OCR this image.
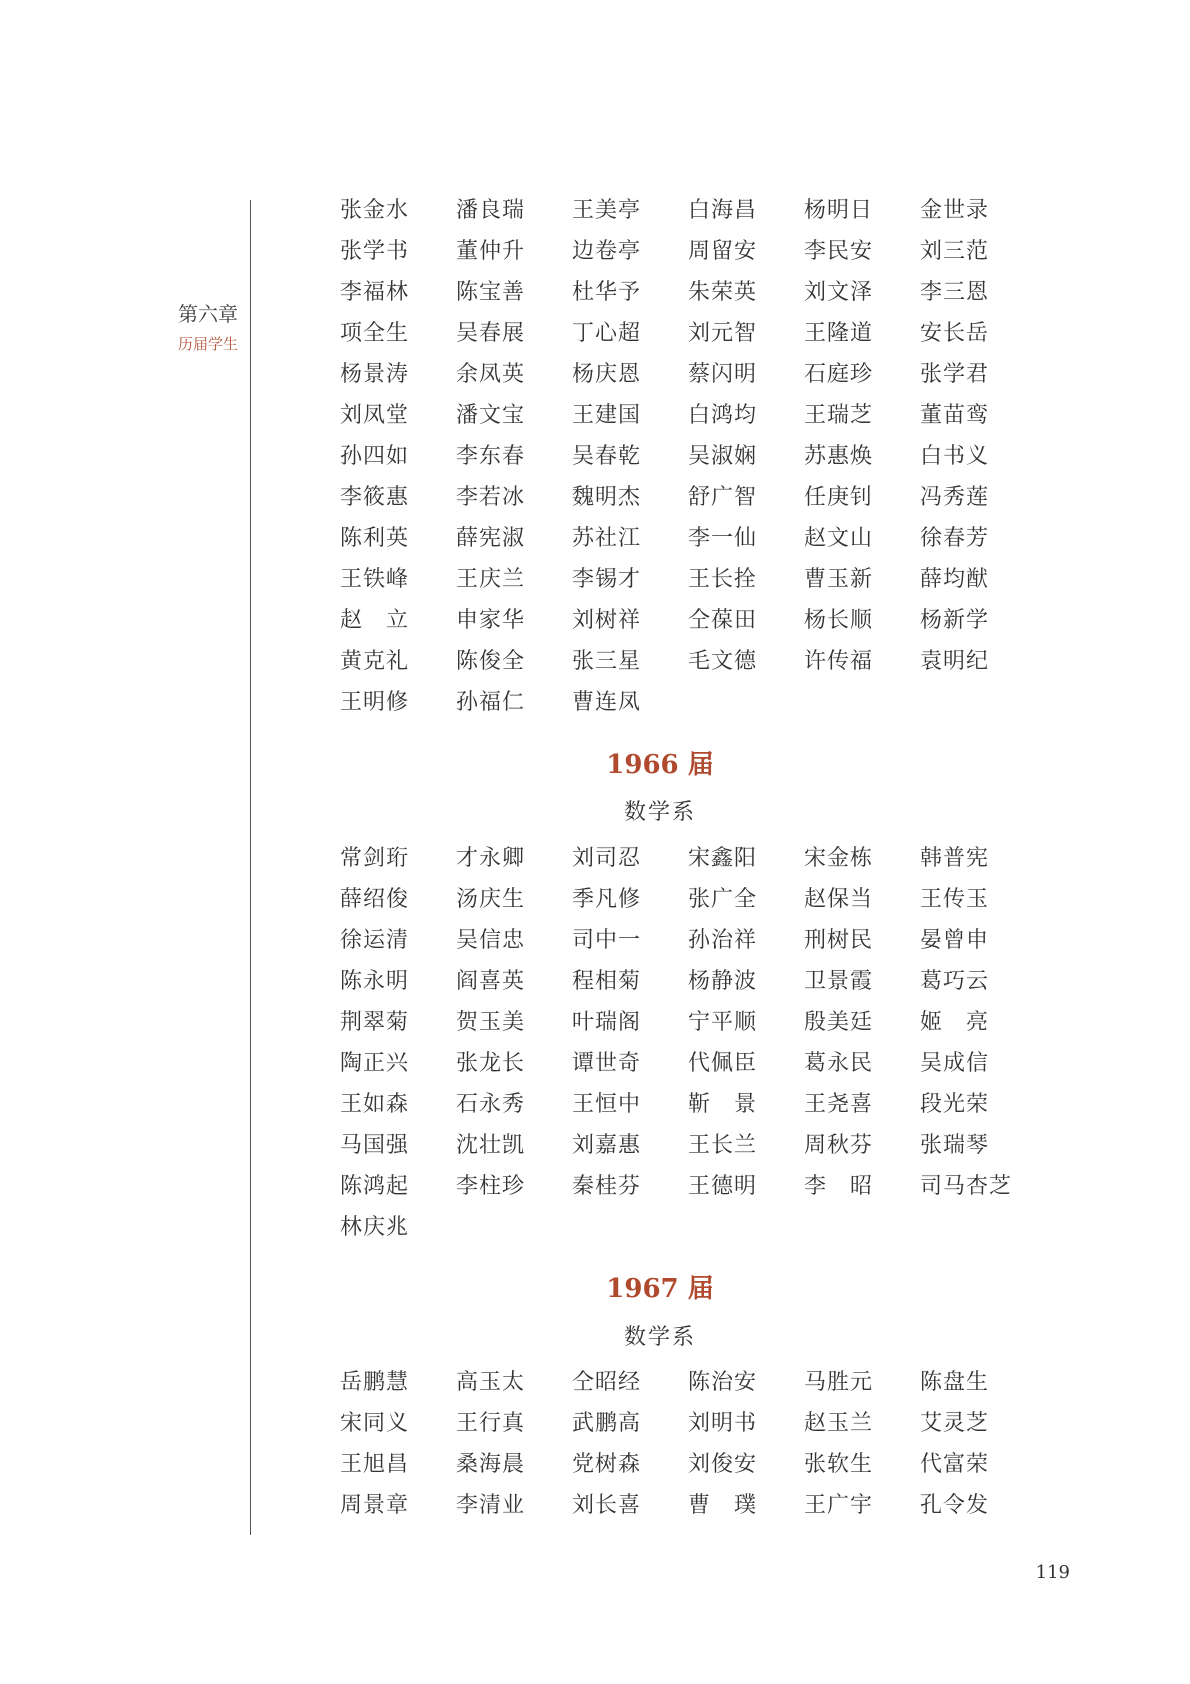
第六章
历届学生
张金水	潘良瑞	王美亭	白海昌	杨明日	金世录
张学书	董仲升	边卷亭	周留安	李民安	刘三范
李福林	陈宝善	杜华予	朱荣英	刘文泽	李三恩
项全生	吴春展	丁心超	刘元智	王隆道	安长岳
杨景涛	余凤英	杨庆恩	蔡闪明	石庭珍	张学君
刘凤堂	潘文宝	王建国	白鸿均	王瑞芝	董苗鸾
孙四如	李东春	吴春乾	吴淑娴	苏惠焕	白书义
李筱惠	李若冰	魏明杰	舒广智	任庚钊	冯秀莲
陈利英	薛宪淑	苏社江	李一仙	赵文山	徐春芳
王铁峰	王庆兰	李锡才	王长拴	曹玉新	薛均猷
赵　立	申家华	刘树祥	仝葆田	杨长顺	杨新学
黄克礼	陈俊全	张三星	毛文德	许传福	袁明纪
王明修	孙福仁	曹连凤
1966 届
数学系
常剑珩	才永卿	刘司忍	宋鑫阳	宋金栋	韩普宪
薛绍俊	汤庆生	季凡修	张广全	赵保当	王传玉
徐运清	吴信忠	司中一	孙治祥	刑树民	晏曾申
陈永明	阎喜英	程相菊	杨静波	卫景霞	葛巧云
荆翠菊	贺玉美	叶瑞阁	宁平顺	殷美廷	姬　亮
陶正兴	张龙长	谭世奇	代佩臣	葛永民	吴成信
王如森	石永秀	王恒中	靳　景	王尧喜	段光荣
马国强	沈壮凯	刘嘉惠	王长兰	周秋芬	张瑞琴
陈鸿起	李柱珍	秦桂芬	王德明	李　昭	司马杏芝
林庆兆
1967 届
数学系
岳鹏慧	高玉太	仝昭经	陈治安	马胜元	陈盘生
宋同义	王行真	武鹏高	刘明书	赵玉兰	艾灵芝
王旭昌	桑海晨	党树森	刘俊安	张软生	代富荣
周景章	李清业	刘长喜	曹　璞	王广宇	孔令发
119
